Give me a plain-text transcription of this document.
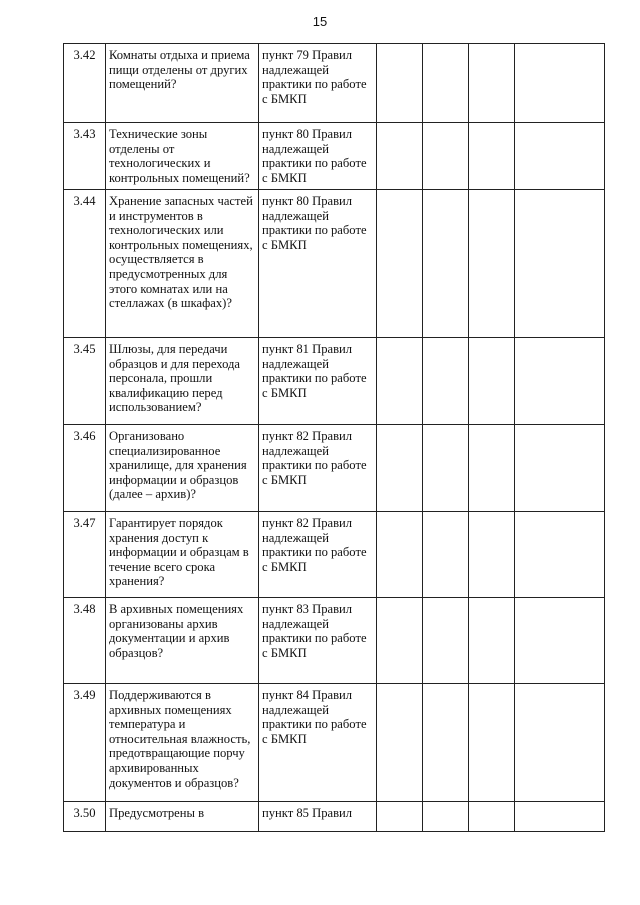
15
3.42	Комнаты отдыха и приема пищи отделены от других помещений?	пункт 79 Правил надлежащей практики по работе с БМКП				
3.43	Технические зоны отделены от технологических и контрольных помещений?	пункт 80 Правил надлежащей практики по работе с БМКП				
3.44	Хранение запасных частей и инструментов в технологических или контрольных помещениях, осуществляется в предусмотренных для этого комнатах или на стеллажах (в шкафах)?	пункт 80 Правил надлежащей практики по работе с БМКП				
3.45	Шлюзы, для передачи образцов и для перехода персонала, прошли квалификацию перед использованием?	пункт 81 Правил надлежащей практики по работе с БМКП				
3.46	Организовано специализированное хранилище, для хранения информации и образцов (далее – архив)?	пункт 82 Правил надлежащей практики по работе с БМКП				
3.47	Гарантирует порядок хранения доступ к информации и образцам в течение всего срока хранения?	пункт 82 Правил надлежащей практики по работе с БМКП				
3.48	В архивных помещениях организованы архив документации и архив образцов?	пункт 83 Правил надлежащей практики по работе с БМКП				
3.49	Поддерживаются в архивных помещениях температура и относительная влажность, предотвращающие порчу архивированных документов и образцов?	пункт 84 Правил надлежащей практики по работе с БМКП				
3.50	Предусмотрены в	пункт 85 Правил				
